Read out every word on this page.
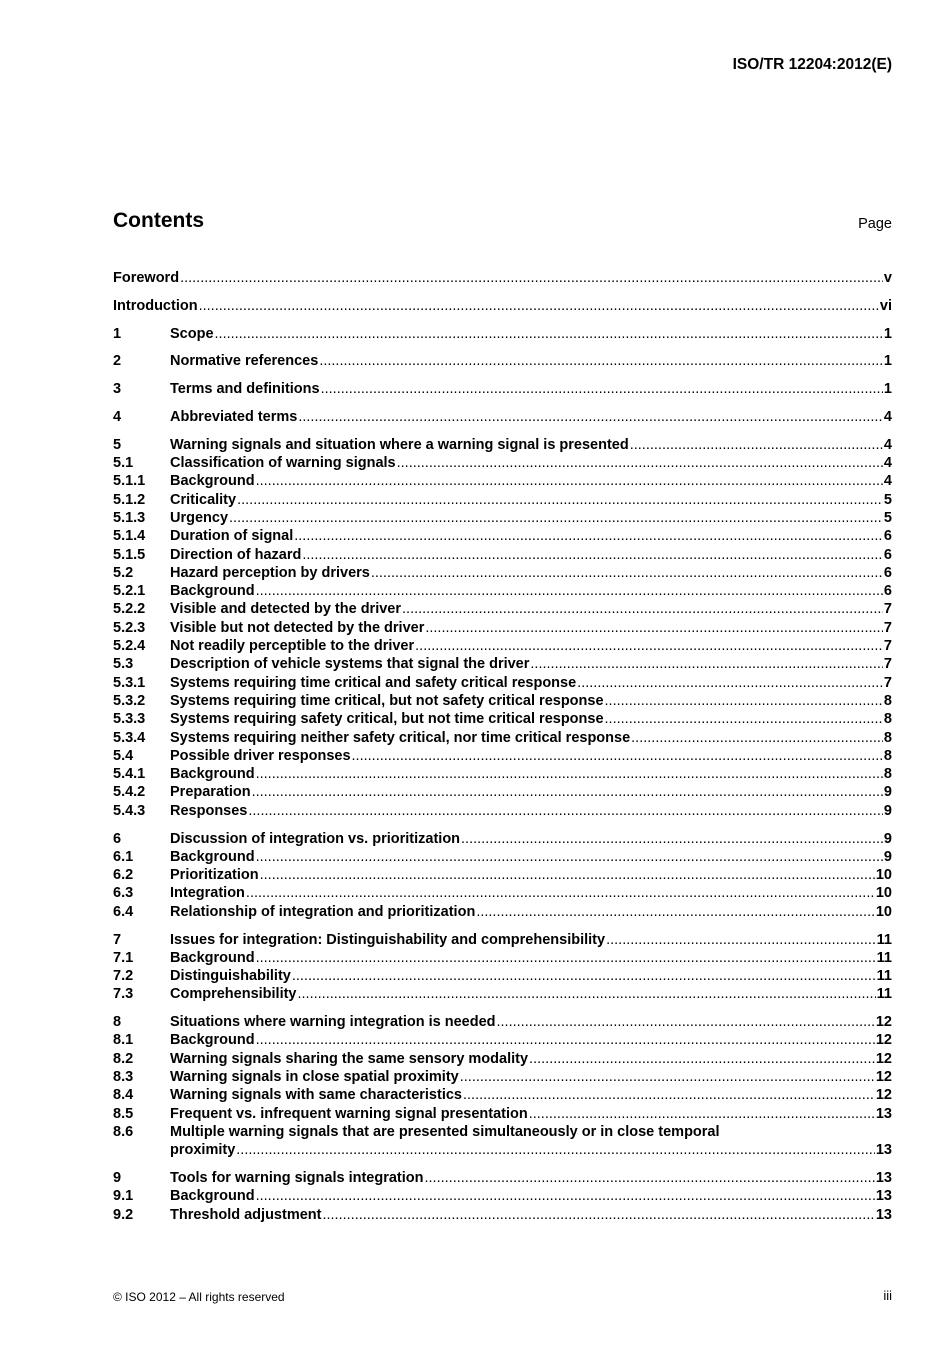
ISO/TR 12204:2012(E)
Contents	Page
Foreword .....	v
Introduction .....	vi
1	Scope .....	1
2	Normative references .....	1
3	Terms and definitions .....	1
4	Abbreviated terms .....	4
5	Warning signals and situation where a warning signal is presented .....	4
5.1	Classification of warning signals .....	4
5.1.1	Background .....	4
5.1.2	Criticality .....	5
5.1.3	Urgency .....	5
5.1.4	Duration of signal .....	6
5.1.5	Direction of hazard .....	6
5.2	Hazard perception by drivers .....	6
5.2.1	Background .....	6
5.2.2	Visible and detected by the driver .....	7
5.2.3	Visible but not detected by the driver .....	7
5.2.4	Not readily perceptible to the driver .....	7
5.3	Description of vehicle systems that signal the driver .....	7
5.3.1	Systems requiring time critical and safety critical response .....	7
5.3.2	Systems requiring time critical, but not safety critical response .....	8
5.3.3	Systems requiring safety critical, but not time critical response .....	8
5.3.4	Systems requiring neither safety critical, nor time critical response .....	8
5.4	Possible driver responses .....	8
5.4.1	Background .....	8
5.4.2	Preparation .....	9
5.4.3	Responses .....	9
6	Discussion of integration vs. prioritization .....	9
6.1	Background .....	9
6.2	Prioritization .....	10
6.3	Integration .....	10
6.4	Relationship of integration and prioritization .....	10
7	Issues for integration: Distinguishability and comprehensibility .....	11
7.1	Background .....	11
7.2	Distinguishability .....	11
7.3	Comprehensibility .....	11
8	Situations where warning integration is needed .....	12
8.1	Background .....	12
8.2	Warning signals sharing the same sensory modality .....	12
8.3	Warning signals in close spatial proximity .....	12
8.4	Warning signals with same characteristics .....	12
8.5	Frequent vs. infrequent warning signal presentation .....	13
8.6	Multiple warning signals that are presented simultaneously or in close temporal
proximity .....	13
9	Tools for warning signals integration .....	13
9.1	Background .....	13
9.2	Threshold adjustment .....	13
© ISO 2012 – All rights reserved	iii
